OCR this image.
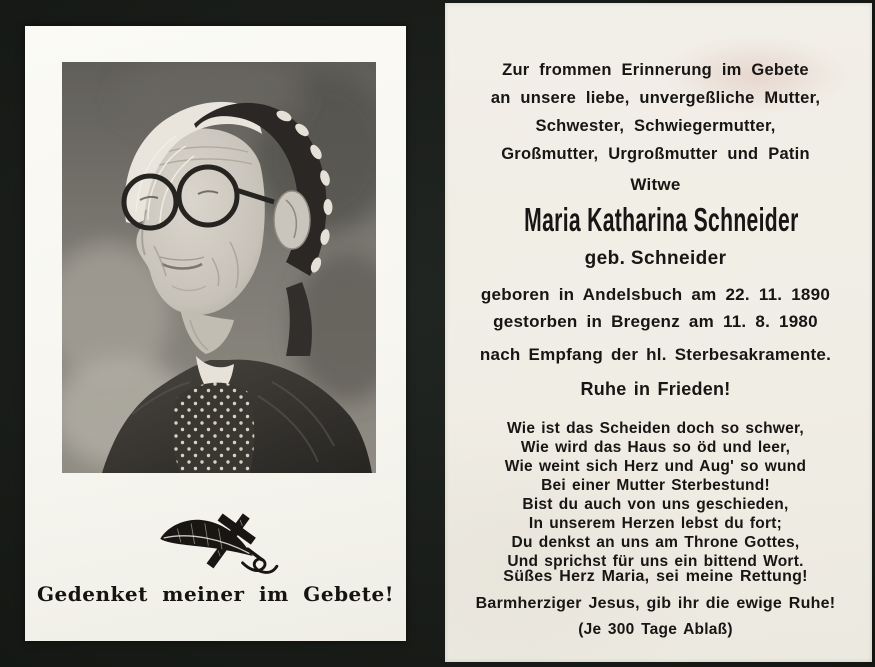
Gedenket meiner im Gebete!
Zur frommen Erinnerung im Gebete
an unsere liebe, unvergeßliche Mutter,
Schwester, Schwiegermutter,
Großmutter, Urgroßmutter und Patin
Witwe
Maria Katharina Schneider
geb. Schneider
geboren in Andelsbuch am 22. 11. 1890
gestorben in Bregenz am 11. 8. 1980
nach Empfang der hl. Sterbesakramente.
Ruhe in Frieden!
Wie ist das Scheiden doch so schwer,
Wie wird das Haus so öd und leer,
Wie weint sich Herz und Aug' so wund
Bei einer Mutter Sterbestund!
Bist du auch von uns geschieden,
In unserem Herzen lebst du fort;
Du denkst an uns am Throne Gottes,
Und sprichst für uns ein bittend Wort.
Süßes Herz Maria, sei meine Rettung!
Barmherziger Jesus, gib ihr die ewige Ruhe!
(Je 300 Tage Ablaß)
